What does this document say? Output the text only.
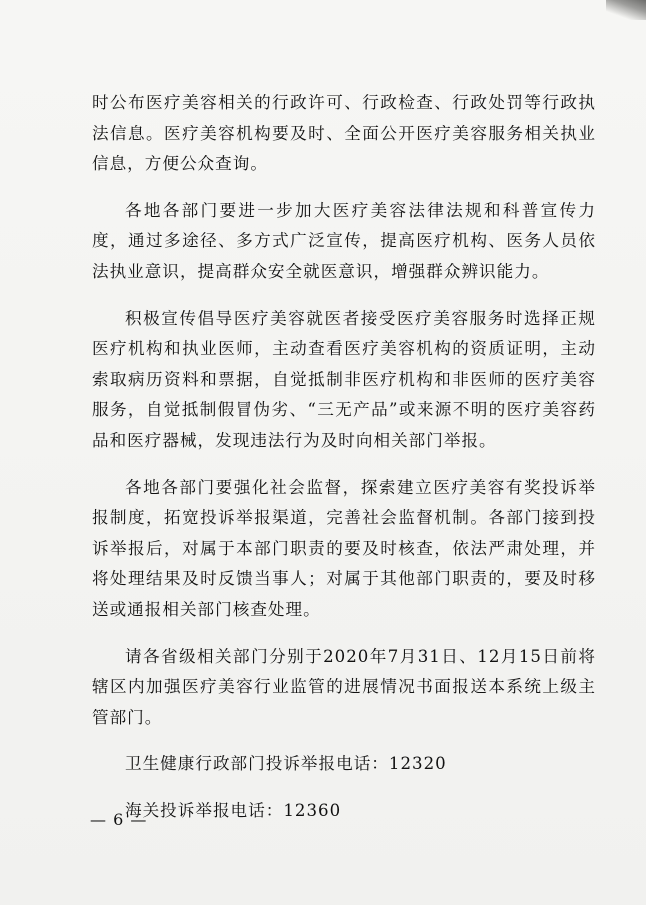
时公布医疗美容相关的行政许可、行政检查、行政处罚等行政执法信息。医疗美容机构要及时、全面公开医疗美容服务相关执业信息，方便公众查询。

各地各部门要进一步加大医疗美容法律法规和科普宣传力度，通过多途径、多方式广泛宣传，提高医疗机构、医务人员依法执业意识，提高群众安全就医意识，增强群众辨识能力。

积极宣传倡导医疗美容就医者接受医疗美容服务时选择正规医疗机构和执业医师，主动查看医疗美容机构的资质证明，主动索取病历资料和票据，自觉抵制非医疗机构和非医师的医疗美容服务，自觉抵制假冒伪劣、“三无产品”或来源不明的医疗美容药品和医疗器械，发现违法行为及时向相关部门举报。

各地各部门要强化社会监督，探索建立医疗美容有奖投诉举报制度，拓宽投诉举报渠道，完善社会监督机制。各部门接到投诉举报后，对属于本部门职责的要及时核查，依法严肃处理，并将处理结果及时反馈当事人；对属于其他部门职责的，要及时移送或通报相关部门核查处理。

请各省级相关部门分别于2020年7月31日、12月15日前将辖区内加强医疗美容行业监管的进展情况书面报送本系统上级主管部门。

卫生健康行政部门投诉举报电话：12320

海关投诉举报电话：12360

— 6 —
